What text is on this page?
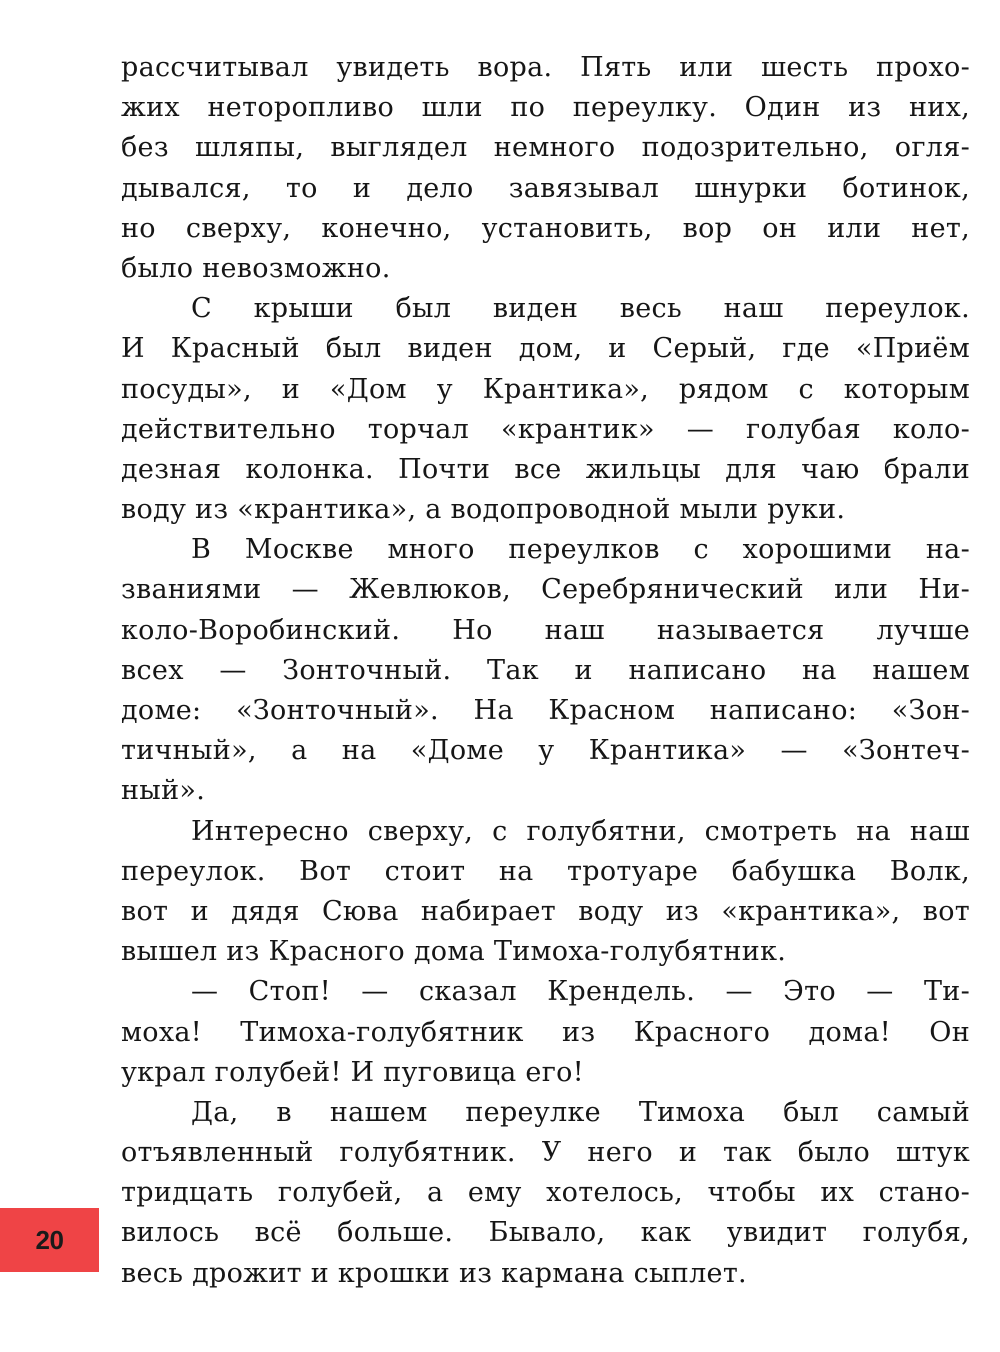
рассчитывал увидеть вора. Пять или шесть прохо-
жих неторопливо шли по переулку. Один из них,
без шляпы, выглядел немного подозрительно, огля-
дывался, то и дело завязывал шнурки ботинок,
но сверху, конечно, установить, вор он или нет,
было невозможно.
С крыши был виден весь наш переулок.
И Красный был виден дом, и Серый, где «Приём
посуды», и «Дом у Крантика», рядом с которым
действительно торчал «крантик» — голубая коло-
дезная колонка. Почти все жильцы для чаю брали
воду из «крантика», а водопроводной мыли руки.
В Москве много переулков с хорошими на-
званиями — Жевлюков, Серебрянический или Ни-
коло-Воробинский. Но наш называется лучше
всех — Зонточный. Так и написано на нашем
доме: «Зонточный». На Красном написано: «Зон-
тичный», а на «Доме у Крантика» — «Зонтеч-
ный».
Интересно сверху, с голубятни, смотреть на наш
переулок. Вот стоит на тротуаре бабушка Волк,
вот и дядя Сюва набирает воду из «крантика», вот
вышел из Красного дома Тимоха-голубятник.
— Стоп! — сказал Крендель. — Это — Ти-
моха! Тимоха-голубятник из Красного дома! Он
украл голубей! И пуговица его!
Да, в нашем переулке Тимоха был самый
отъявленный голубятник. У него и так было штук
тридцать голубей, а ему хотелось, чтобы их стано-
вилось всё больше. Бывало, как увидит голубя,
весь дрожит и крошки из кармана сыплет.
20
